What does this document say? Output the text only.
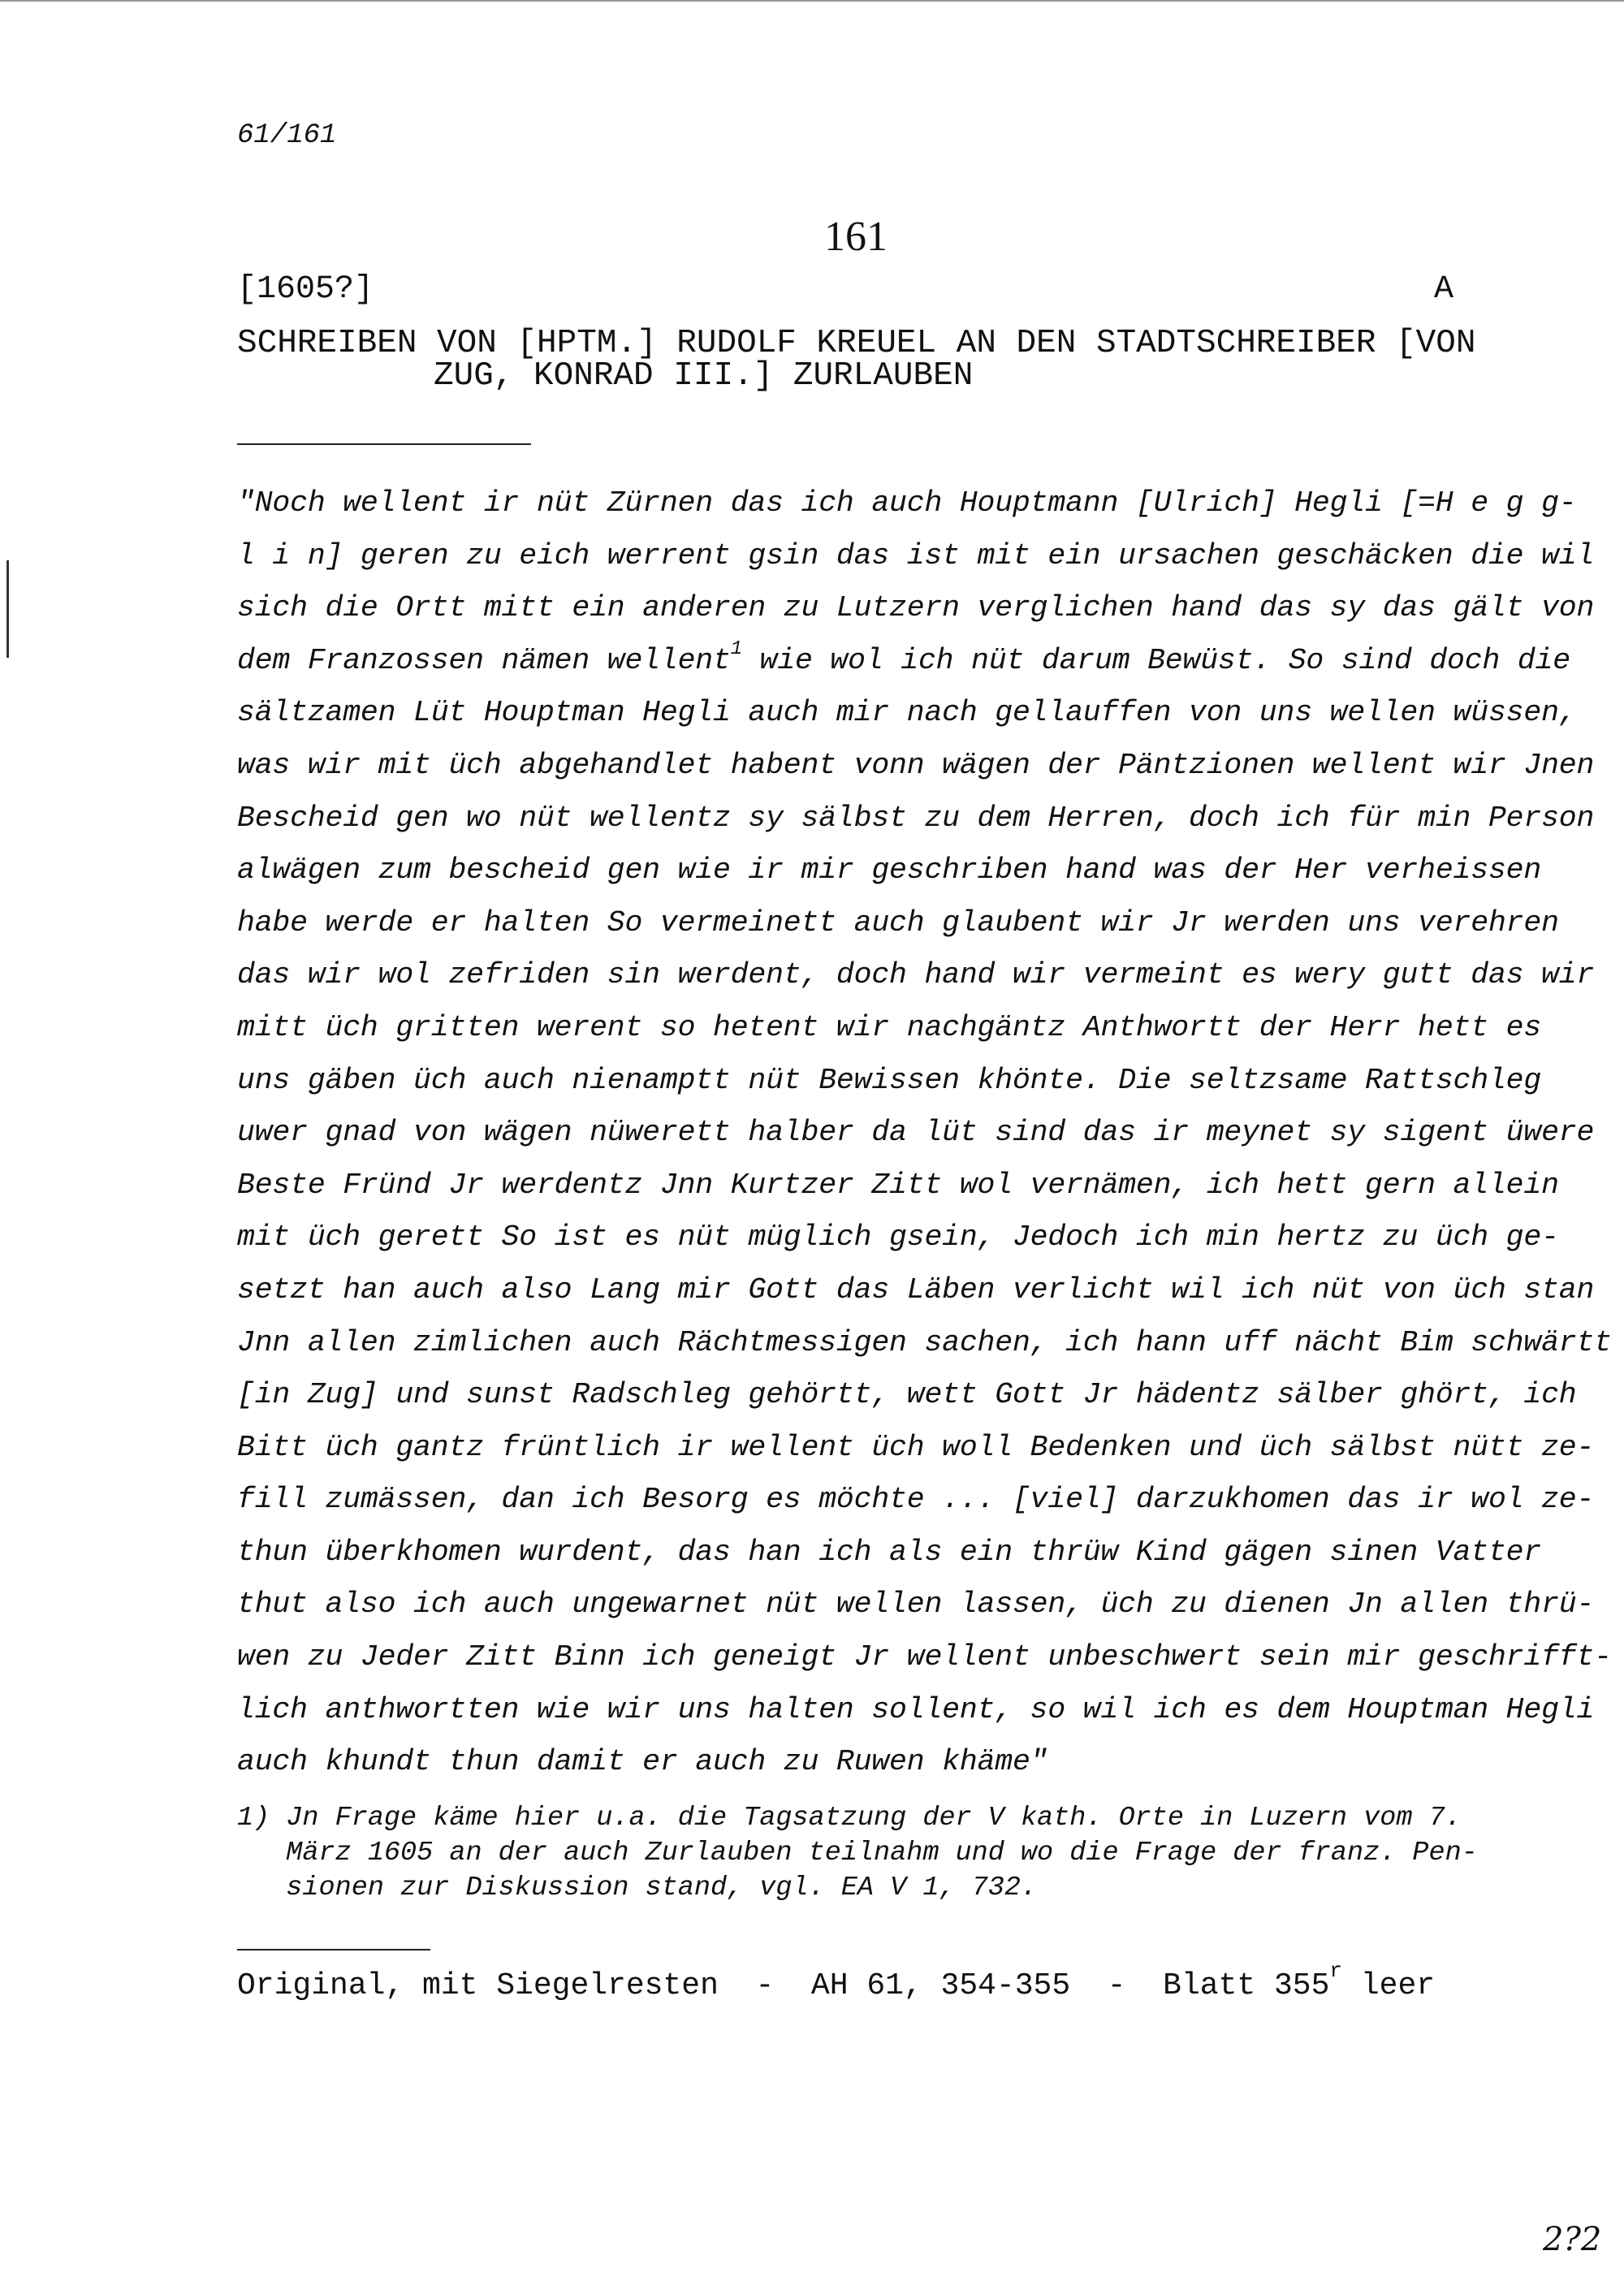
61/161
161
[1605?]	A
SCHREIBEN VON [HPTM.] RUDOLF KREUEL AN DEN STADTSCHREIBER [VON
ZUG, KONRAD III.] ZURLAUBEN
"Noch wellent ir nüt Zürnen das ich auch Houptmann [Ulrich] Hegli [=H e g g-
l i n] geren zu eich werrent gsin das ist mit ein ursachen geschäcken die wil
sich die Ortt mitt ein anderen zu Lutzern verglichen hand das sy das gält von
dem Franzossen nämen wellent$^1$ wie wol ich nüt darum Bewüst. So sind doch die
sältzamen Lüt Houptman Hegli auch mir nach gellauffen von uns wellen wüssen,
was wir mit üch abgehandlet habent vonn wägen der Päntzionen wellent wir Jnen
Bescheid gen wo nüt wellentz sy sälbst zu dem Herren, doch ich für min Person
alwägen zum bescheid gen wie ir mir geschriben hand was der Her verheissen
habe werde er halten So vermeinett auch glaubent wir Jr werden uns verehren
das wir wol zefriden sin werdent, doch hand wir vermeint es wery gutt das wir
mitt üch gritten werent so hetent wir nachgäntz Anthwortt der Herr hett es
uns gäben üch auch nienamptt nüt Bewissen khönte. Die seltzsame Rattschleg
uwer gnad von wägen nüwerett halber da lüt sind das ir meynet sy sigent üwere
Beste Fründ Jr werdentz Jnn Kurtzer Zitt wol vernämen, ich hett gern allein
mit üch gerett So ist es nüt müglich gsein, Jedoch ich min hertz zu üch ge-
setzt han auch also Lang mir Gott das Läben verlicht wil ich nüt von üch stan
Jnn allen zimlichen auch Rächtmessigen sachen, ich hann uff nächt Bim schwärtt
[in Zug] und sunst Radschleg gehörtt, wett Gott Jr hädentz sälber ghört, ich
Bitt üch gantz früntlich ir wellent üch woll Bedenken und üch sälbst nütt ze-
fill zumässen, dan ich Besorg es möchte ... [viel] darzukhomen das ir wol ze-
thun überkhomen wurdent, das han ich als ein thrüw Kind gägen sinen Vatter
thut also ich auch ungewarnet nüt wellen lassen, üch zu dienen Jn allen thrü-
wen zu Jeder Zitt Binn ich geneigt Jr wellent unbeschwert sein mir geschrifft-
lich anthwortten wie wir uns halten sollent, so wil ich es dem Houptman Hegli
auch khundt thun damit er auch zu Ruwen khäme"
1) Jn Frage käme hier u.a. die Tagsatzung der V kath. Orte in Luzern vom 7.
März 1605 an der auch Zurlauben teilnahm und wo die Frage der franz. Pen-
sionen zur Diskussion stand, vgl. EA V 1, 732.
Original, mit Siegelresten  -  AH 61, 354-355  -  Blatt 355$^r$ leer
2?2
